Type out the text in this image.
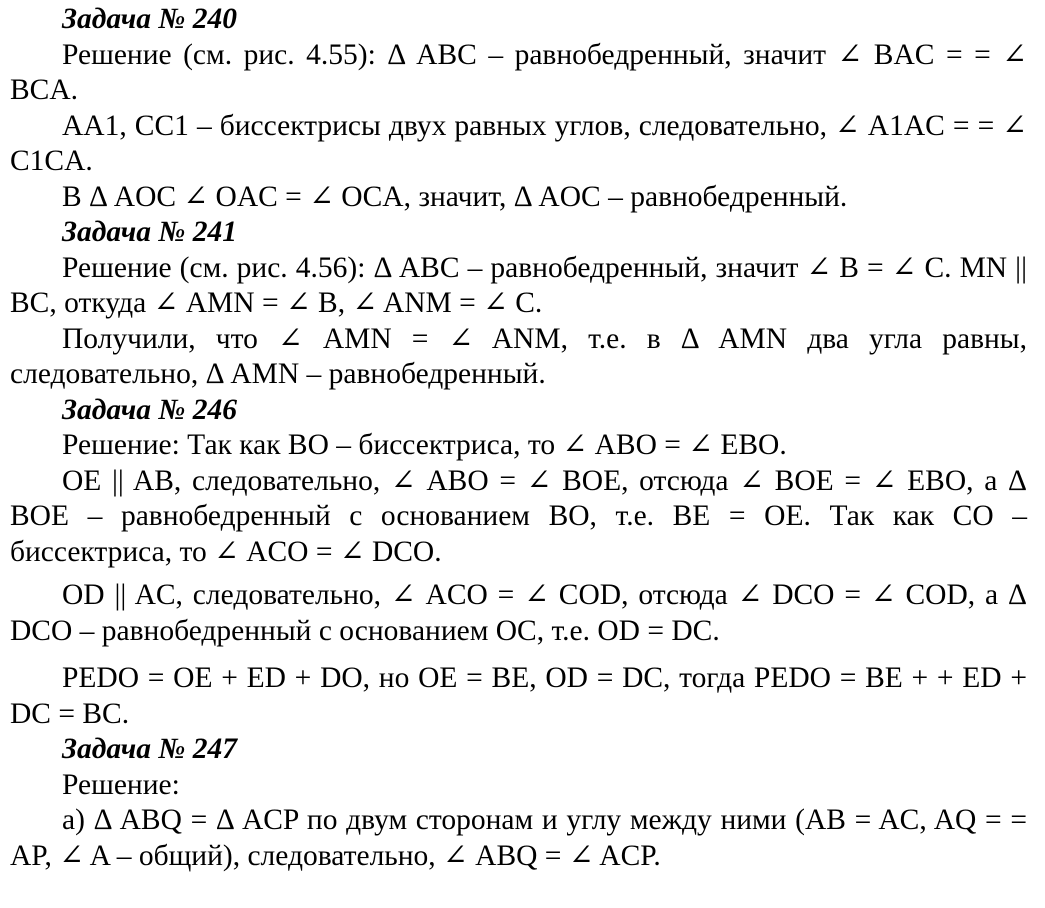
Задача № 240

Решение (см. рис. 4.55): Δ ABC – равнобедренный, значит ∠ BAC = = ∠ BCA.

AA1, CC1 – биссектрисы двух равных углов, следовательно, ∠ A1AC = = ∠ C1CA.

В Δ AOC ∠ OAC = ∠ OCA, значит, Δ AOC – равнобедренный.

Задача № 241

Решение (см. рис. 4.56): Δ ABC – равнобедренный, значит ∠ B = ∠ C. MN || BC, откуда ∠ AMN = ∠ B, ∠ ANM = ∠ C.

Получили, что ∠ AMN = ∠ ANM, т.е. в Δ AMN два угла равны, следовательно, Δ AMN – равнобедренный.

Задача № 246

Решение: Так как BO – биссектриса, то ∠ ABO = ∠ EBO.

OE || AB, следовательно, ∠ ABO = ∠ BOE, отсюда ∠ BOE = ∠ EBO, а Δ BOE – равнобедренный с основанием BO, т.е. BE = OE. Так как CO – биссектриса, то ∠ ACO = ∠ DCO.

OD || AC, следовательно, ∠ ACO = ∠ COD, отсюда ∠ DCO = ∠ COD, а Δ DCO – равнобедренный с основанием OC, т.е. OD = DC.

PEDO = OE + ED + DO, но OE = BE, OD = DC, тогда PEDO = BE + + ED + DC = BC.

Задача № 247

Решение:

а) Δ ABQ = Δ ACP по двум сторонам и углу между ними (AB = AC, AQ = = AP, ∠ A – общий), следовательно, ∠ ABQ = ∠ ACP.
